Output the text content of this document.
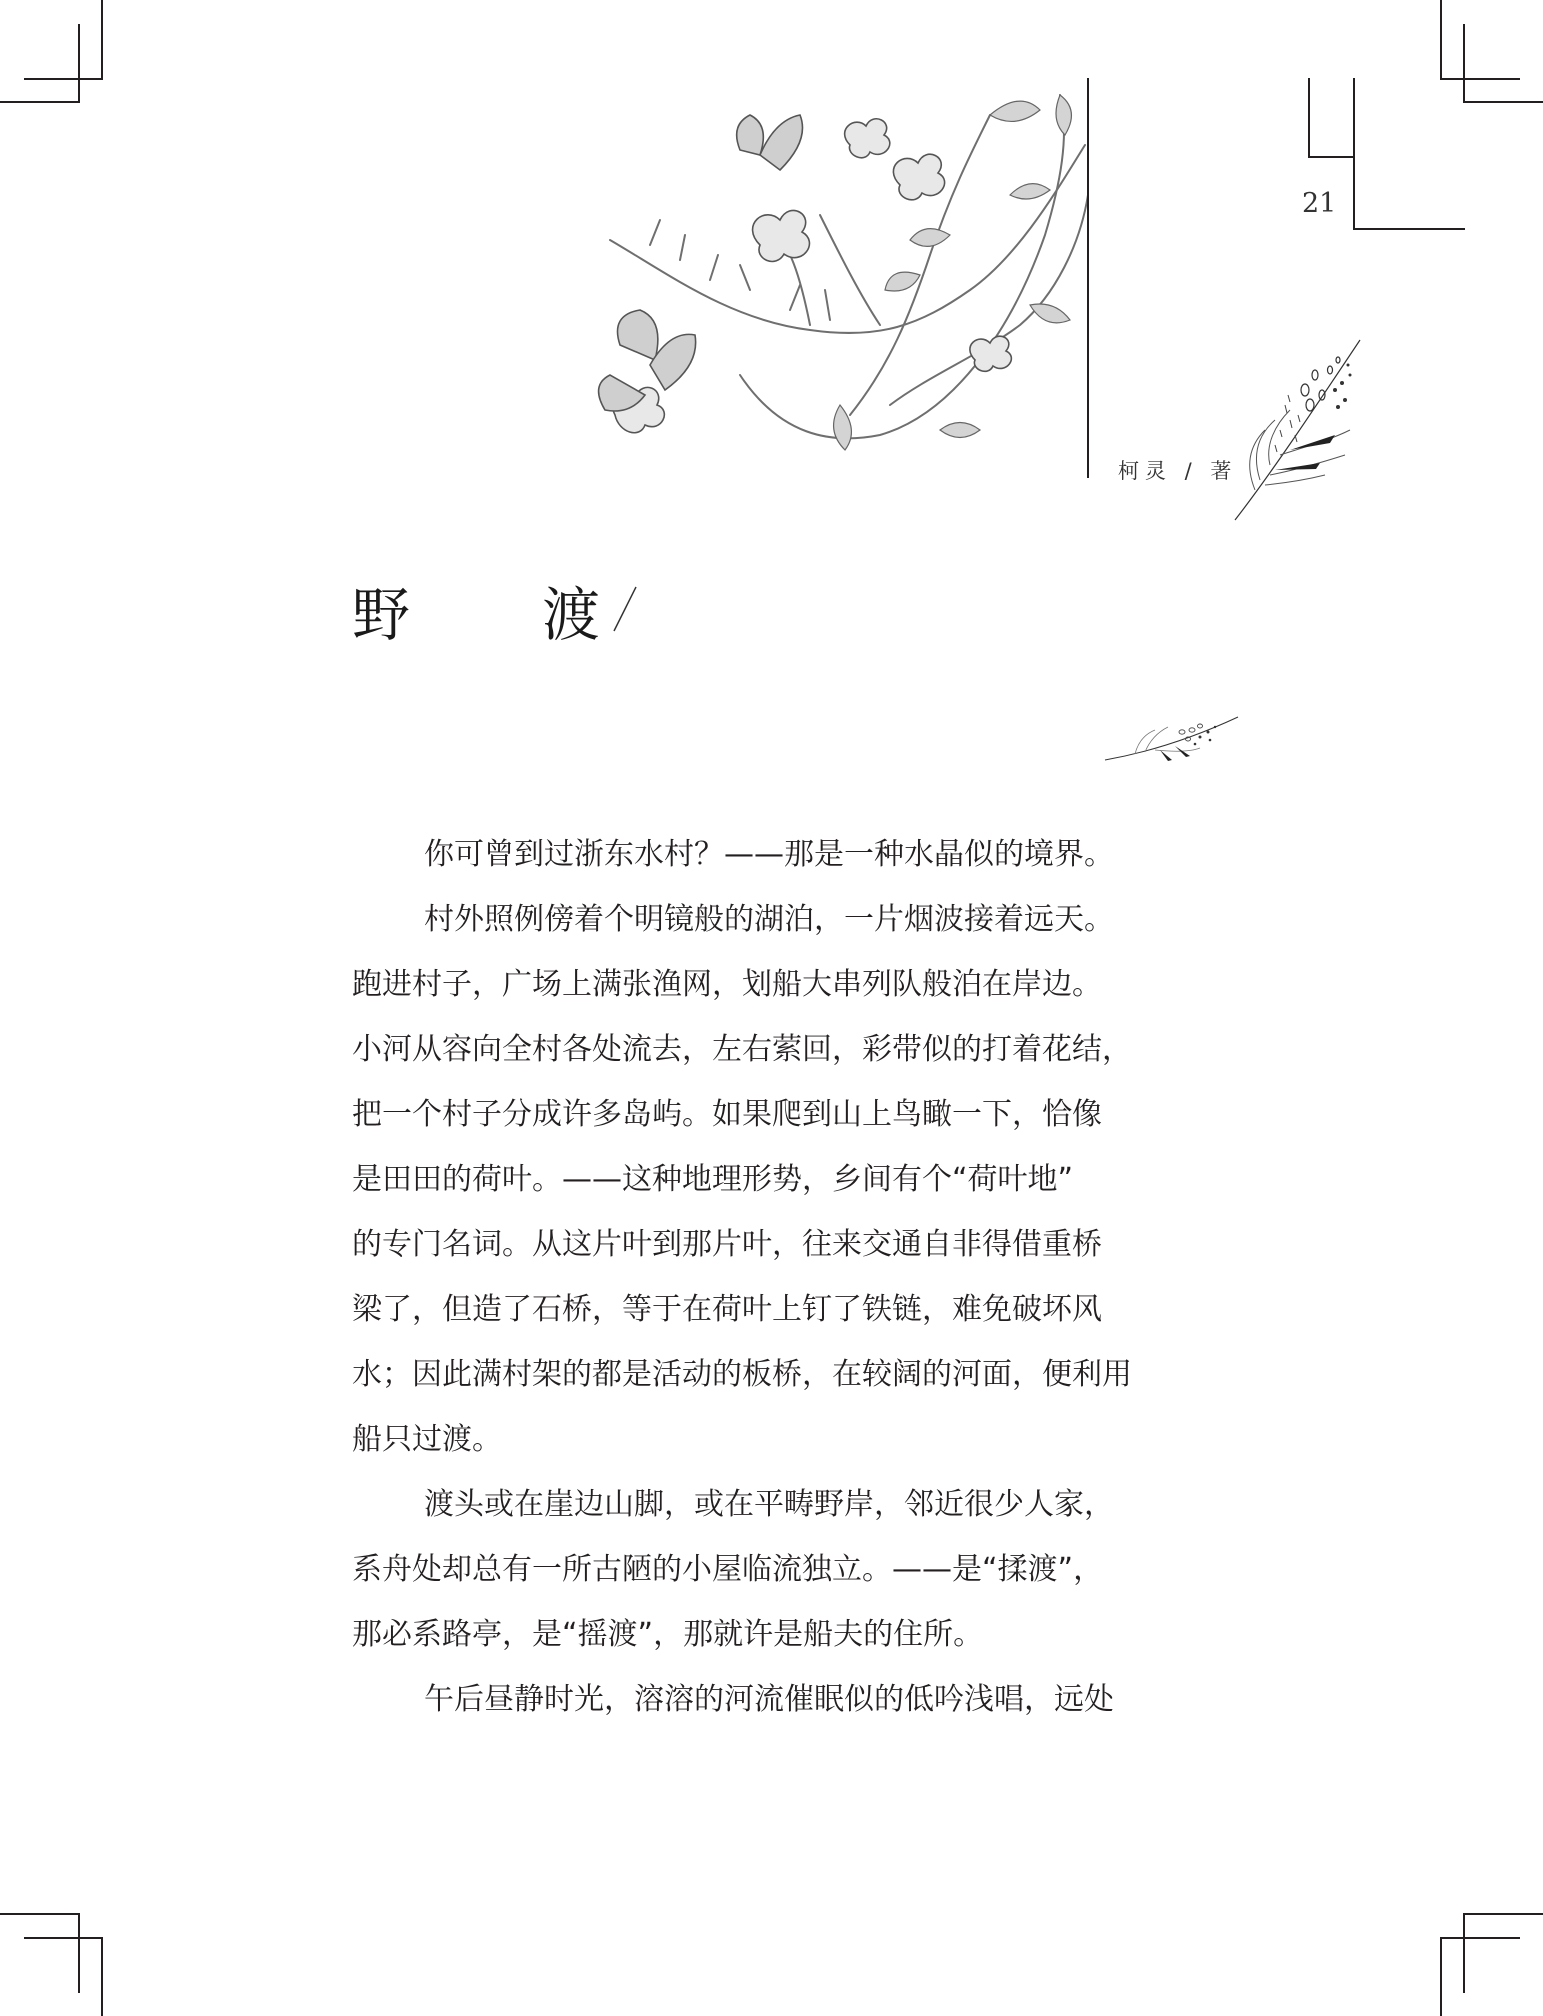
21
柯灵 / 著
野 渡

你可曾到过浙东水村？——那是一种水晶似的境界。

村外照例傍着个明镜般的湖泊，一片烟波接着远天。
跑进村子，广场上满张渔网，划船大串列队般泊在岸边。
小河从容向全村各处流去，左右萦回，彩带似的打着花结，
把一个村子分成许多岛屿。如果爬到山上鸟瞰一下，恰像
是田田的荷叶。——这种地理形势，乡间有个“荷叶地”
的专门名词。从这片叶到那片叶，往来交通自非得借重桥
梁了，但造了石桥，等于在荷叶上钉了铁链，难免破坏风
水；因此满村架的都是活动的板桥，在较阔的河面，便利用
船只过渡。

渡头或在崖边山脚，或在平畴野岸，邻近很少人家，
系舟处却总有一所古陋的小屋临流独立。——是“揉渡”，
那必系路亭，是“摇渡”，那就许是船夫的住所。

午后昼静时光，溶溶的河流催眠似的低吟浅唱，远处
